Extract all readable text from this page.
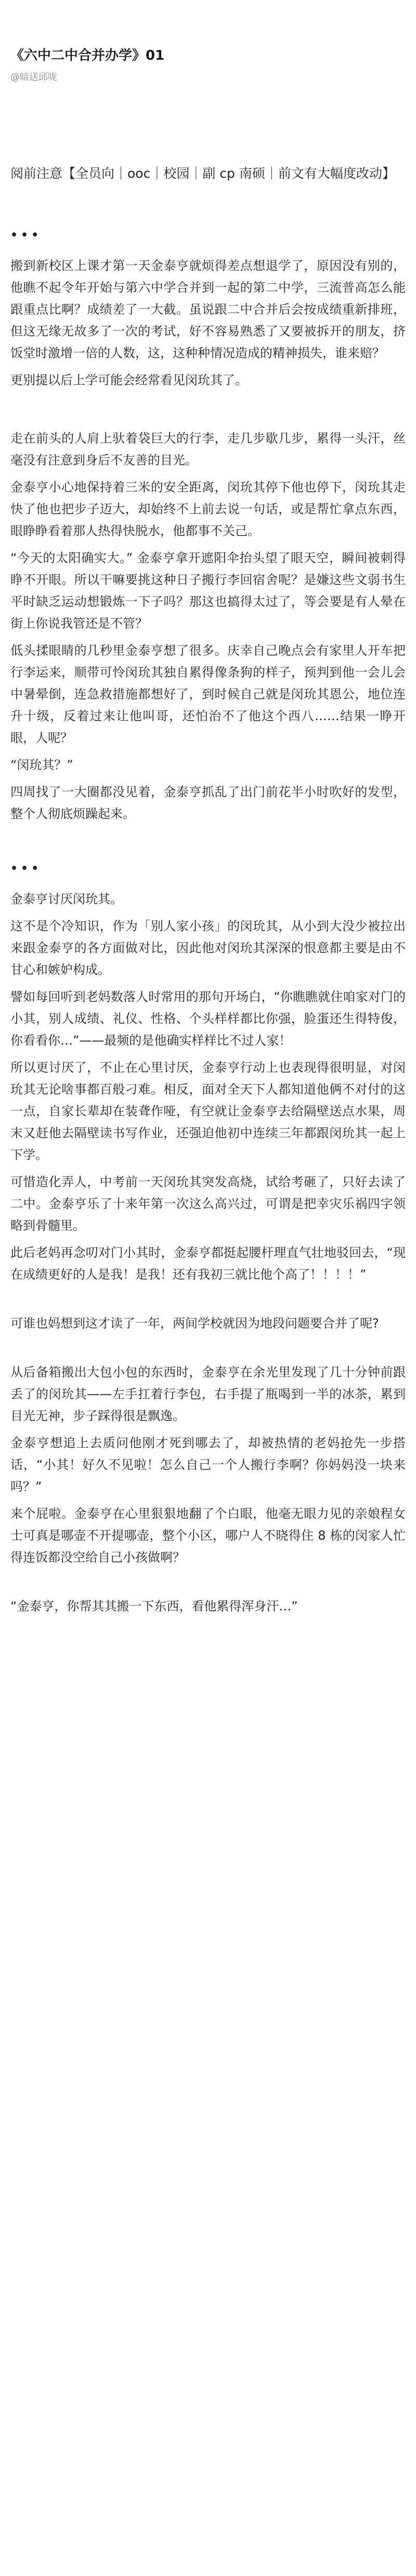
《六中二中合并办学》01
@暗送邱咙
阅前注意【全员向｜ooc｜校园｜副 cp 南硕｜前文有大幅度改动】
•••
搬到新校区上课才第一天金泰亨就烦得差点想退学了，原因没有别的，他瞧不起令年开始与第六中学合并到一起的第二中学，三流普高怎么能跟重点比啊？成绩差了一大截。虽说跟二中合并后会按成绩重新排班，但这无缘无故多了一次的考试，好不容易熟悉了又要被拆开的朋友，挤饭堂时激增一倍的人数，这，这种种情况造成的精神损失，谁来赔？
更别提以后上学可能会经常看见闵玧其了。
走在前头的人肩上驮着袋巨大的行李，走几步歇几步，累得一头汗，丝毫没有注意到身后不友善的目光。
金泰亨小心地保持着三米的安全距离，闵玧其停下他也停下，闵玧其走快了他也把步子迈大，却始终不上前去说一句话，或是帮忙拿点东西，眼睁睁看着那人热得快脱水，他都事不关己。
“今天的太阳确实大。” 金泰亨拿开遮阳伞抬头望了眼天空，瞬间被刺得睁不开眼。所以干嘛要挑这种日子搬行李回宿舍呢？是嫌这些文弱书生平时缺乏运动想锻炼一下子吗？那这也搞得太过了，等会要是有人晕在街上你说我管还是不管？
低头揉眼睛的几秒里金泰亨想了很多。庆幸自己晚点会有家里人开车把行李运来，顺带可怜闵玧其独自累得像条狗的样子，预判到他一会儿会中暑晕倒，连急救措施都想好了，到时候自己就是闵玧其恩公，地位连升十级，反着过来让他叫哥，还怕治不了他这个西八……结果一睁开眼，人呢？
“闵玧其？”
四周找了一大圈都没见着，金泰亨抓乱了出门前花半小时吹好的发型，整个人彻底烦躁起来。
•••
金泰亨讨厌闵玧其。
这不是个冷知识，作为「别人家小孩」的闵玧其，从小到大没少被拉出来跟金泰亨的各方面做对比，因此他对闵玧其深深的恨意都主要是由不甘心和嫉妒构成。
譬如每回听到老妈数落人时常用的那句开场白，“你瞧瞧就住咱家对门的小其，别人成绩、礼仪、性格、个头样样都比你强，脸蛋还生得特俊，你看看你…”——最频的是他确实样样比不过人家！
所以更讨厌了，不止在心里讨厌，金泰亨行动上也表现得很明显，对闵玧其无论啥事都百般刁难。相反，面对全天下人都知道他俩不对付的这一点，自家长辈却在装聋作哑，有空就让金泰亨去给隔壁送点水果，周末又赶他去隔壁读书写作业，还强迫他初中连续三年都跟闵玧其一起上下学。
可惜造化弄人，中考前一天闵玧其突发高烧，试给考砸了，只好去读了二中。金泰亨乐了十来年第一次这么高兴过，可谓是把幸灾乐祸四字领略到骨髓里。
此后老妈再念叨对门小其时，金泰亨都挺起腰杆理直气壮地驳回去，“现在成绩更好的人是我！是我！还有我初三就比他个高了！！！！”
可谁也妈想到这才读了一年，两间学校就因为地段问题要合并了呢?
从后备箱搬出大包小包的东西时，金泰亨在余光里发现了几十分钟前跟丢了的闵玧其——左手扛着行李包，右手提了瓶喝到一半的冰茶，累到目光无神，步子踩得很是飘逸。
金泰亨想追上去质问他刚才死到哪去了，却被热情的老妈抢先一步搭话，“小其！好久不见啦！怎么自己一个人搬行李啊？你妈妈没一块来吗？”
来个屁啦。金泰亨在心里狠狠地翻了个白眼，他毫无眼力见的亲娘程女士可真是哪壶不开提哪壶，整个小区，哪户人不晓得住 8 栋的闵家人忙得连饭都没空给自己小孩做啊？
“金泰亨，你帮其其搬一下东西，看他累得浑身汗…”
